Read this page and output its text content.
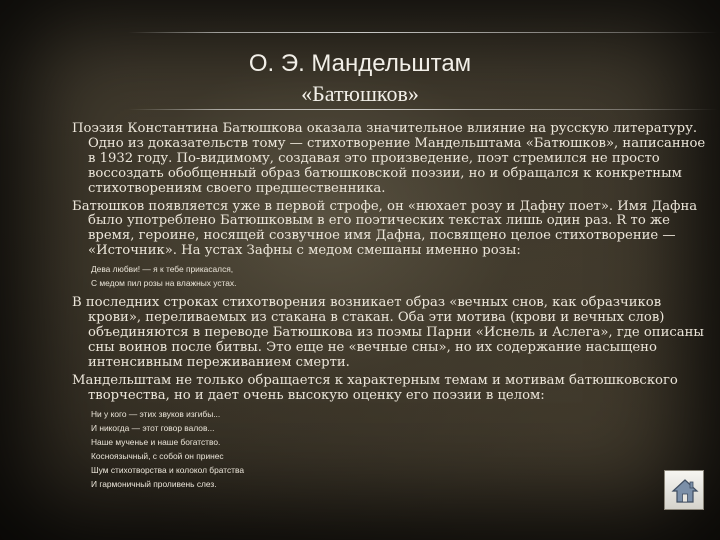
О. Э. Мандельштам
«Батюшков»

Поэзия Константина Батюшкова оказала значительное влияние на русскую литературу. Одно из доказательств тому — стихотворение Мандельштама «Батюшков», написанное в 1932 году. По-видимому, создавая это произведение, поэт стремился не просто воссоздать обобщенный образ батюшковской поэзии, но и обращался к конкретным стихотворениям своего предшественника.

Батюшков появляется уже в первой строфе, он «нюхает розу и Дафну поет». Имя Дафна было употреблено Батюшковым в его поэтических текстах лишь один раз. R то же время, героине, носящей созвучное имя Дафна, посвящено целое стихотворение — «Источник». На устах Зафны с медом смешаны именно розы:

Дева любви! — я к тебе прикасался,

С медом пил розы на влажных устах.

В последних строках стихотворения возникает образ «вечных снов, как образчиков крови», переливаемых из стакана в стакан. Оба эти мотива (крови и вечных слов) объединяются в переводе Батюшкова из поэмы Парни «Иснель и Аслега», где описаны сны воинов после битвы. Это еще не «вечные сны», но их содержание насыщено интенсивным переживанием смерти.

Мандельштам не только обращается к характерным темам и мотивам батюшковского творчества, но и дает очень высокую оценку его поэзии в целом:

Ни у кого — этих звуков изгибы...

И никогда — этот говор валов...

Наше мученье и наше богатство.

Косноязычный, с собой он принес

Шум стихотворства и колокол братства

И гармоничный проливень слез.
